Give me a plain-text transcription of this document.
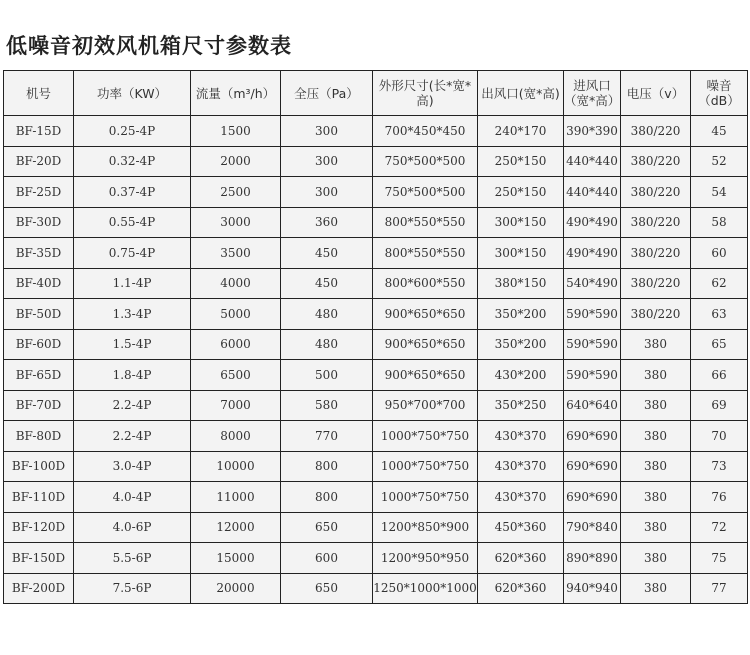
低噪音初效风机箱尺寸参数表
机号	功率（KW）	流量（m³/h）	全压（Pa）	外形尺寸(长*宽*高)	出风口(宽*高)	进风口（宽*高）	电压（v）	噪音（dB）
BF-15D	0.25-4P	1500	300	700*450*450	240*170	390*390	380/220	45
BF-20D	0.32-4P	2000	300	750*500*500	250*150	440*440	380/220	52
BF-25D	0.37-4P	2500	300	750*500*500	250*150	440*440	380/220	54
BF-30D	0.55-4P	3000	360	800*550*550	300*150	490*490	380/220	58
BF-35D	0.75-4P	3500	450	800*550*550	300*150	490*490	380/220	60
BF-40D	1.1-4P	4000	450	800*600*550	380*150	540*490	380/220	62
BF-50D	1.3-4P	5000	480	900*650*650	350*200	590*590	380/220	63
BF-60D	1.5-4P	6000	480	900*650*650	350*200	590*590	380	65
BF-65D	1.8-4P	6500	500	900*650*650	430*200	590*590	380	66
BF-70D	2.2-4P	7000	580	950*700*700	350*250	640*640	380	69
BF-80D	2.2-4P	8000	770	1000*750*750	430*370	690*690	380	70
BF-100D	3.0-4P	10000	800	1000*750*750	430*370	690*690	380	73
BF-110D	4.0-4P	11000	800	1000*750*750	430*370	690*690	380	76
BF-120D	4.0-6P	12000	650	1200*850*900	450*360	790*840	380	72
BF-150D	5.5-6P	15000	600	1200*950*950	620*360	890*890	380	75
BF-200D	7.5-6P	20000	650	1250*1000*1000	620*360	940*940	380	77
